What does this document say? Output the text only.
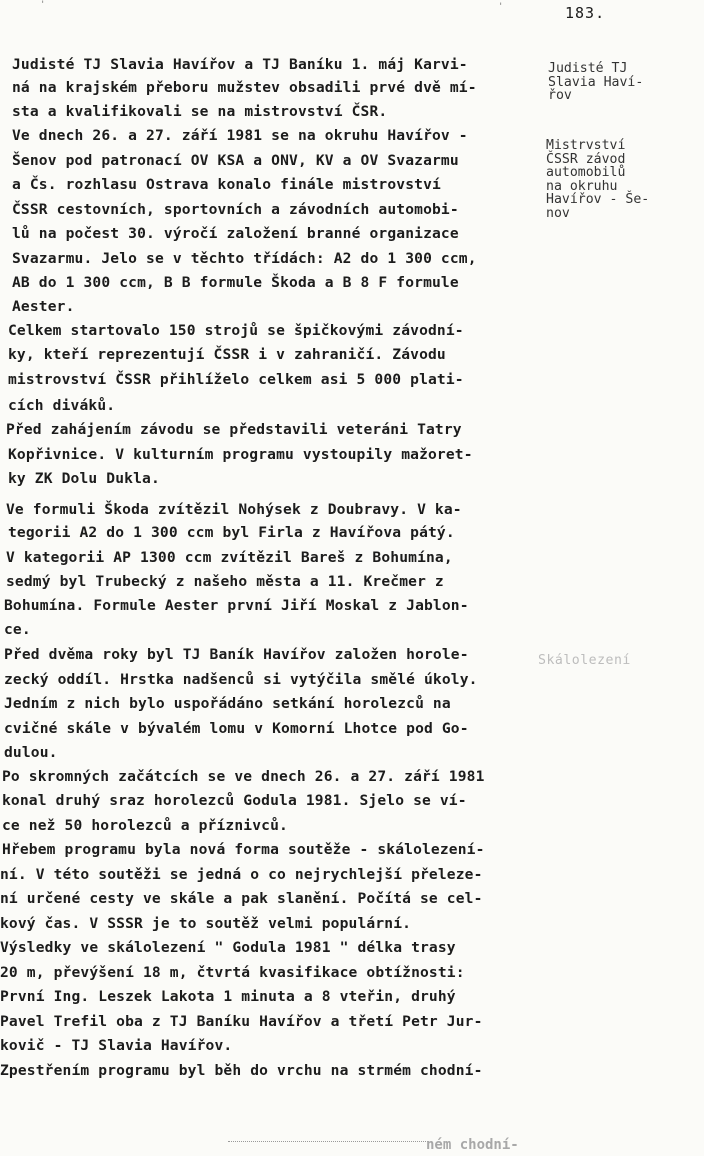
183.
'	'
Judisté TJ Slavia Havířov a TJ Baníku 1. máj Karvi-
ná na krajském přeboru mužstev obsadili prvé dvě mí-
sta a kvalifikovali se na mistrovství ČSR.
Ve dnech 26. a 27. září 1981 se na okruhu Havířov -
Šenov pod patronací OV KSA a ONV, KV a OV Svazarmu
a Čs. rozhlasu Ostrava konalo finále mistrovství
ČSSR cestovních, sportovních a závodních automobi-
lů na počest 30. výročí založení branné organizace
Svazarmu. Jelo se v těchto třídách: A2 do 1 300 ccm,
AB do 1 300 ccm, B B formule Škoda a B 8 F formule
Aester.
Celkem startovalo 150 strojů se špičkovými závodní-
ky, kteří reprezentují ČSSR i v zahraničí. Závodu
mistrovství ČSSR přihlíželo celkem asi 5 000 plati-
cích diváků.
Před zahájením závodu se představili veteráni Tatry
Kopřivnice. V kulturním programu vystoupily mažoret-
ky ZK Dolu Dukla.
Ve formuli Škoda zvítězil Nohýsek z Doubravy. V ka-
tegorii A2 do 1 300 ccm byl Firla z Havířova pátý.
V kategorii AP 1300 ccm zvítězil Bareš z Bohumína,
sedmý byl Trubecký z našeho města a 11. Krečmer z
Bohumína. Formule Aester první Jiří Moskal z Jablon-
ce.
Před dvěma roky byl TJ Baník Havířov založen horole-
zecký oddíl. Hrstka nadšenců si vytýčila smělé úkoly.
Jedním z nich bylo uspořádáno setkání horolezců na
cvičné skále v bývalém lomu v Komorní Lhotce pod Go-
dulou.
Po skromných začátcích se ve dnech 26. a 27. září 1981
konal druhý sraz horolezců Godula 1981. Sjelo se ví-
ce než 50 horolezců a příznivců.
Hřebem programu byla nová forma soutěže - skálolezení-
ní. V této soutěži se jedná o co nejrychlejší přeleze-
ní určené cesty ve skále a pak slanění. Počítá se cel-
kový čas. V SSSR je to soutěž velmi populární.
Výsledky ve skálolezení " Godula 1981 " délka trasy
20 m, převýšení 18 m, čtvrtá kvasifikace obtížnosti:
První Ing. Leszek Lakota 1 minuta a 8 vteřin, druhý
Pavel Trefil oba z TJ Baníku Havířov a třetí Petr Jur-
kovič - TJ Slavia Havířov.
Zpestřením programu byl běh do vrchu na strmém chodní-
Judisté TJ
Slavia Haví-
řov
Mistrvství
ČSSR závod
automobilů
na okruhu
Havířov - Še-
nov
Skálolezení
ném chodní-
